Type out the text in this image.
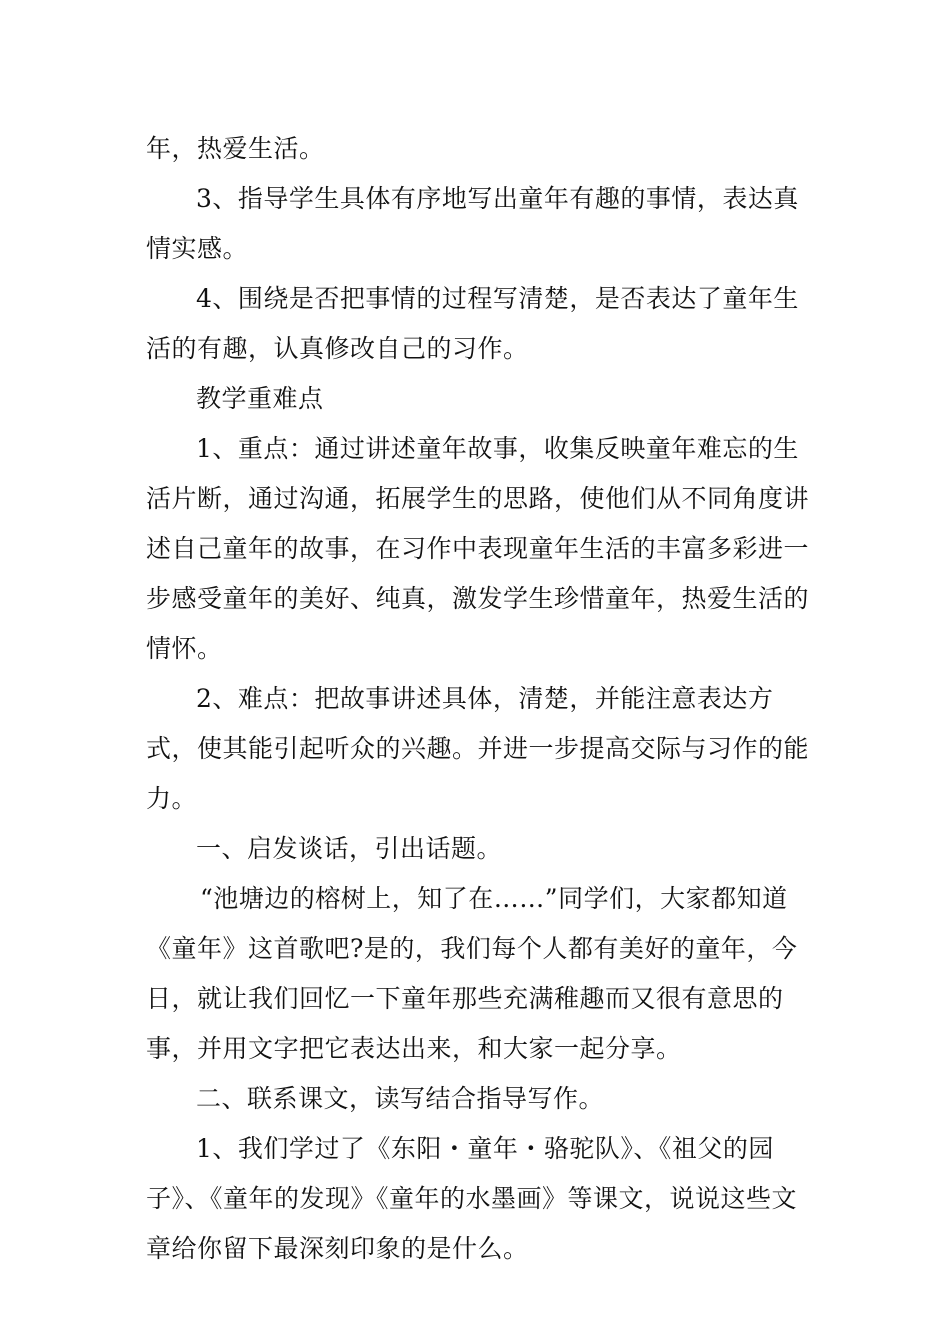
年，热爱生活。

3、指导学生具体有序地写出童年有趣的事情，表达真情实感。

4、围绕是否把事情的过程写清楚，是否表达了童年生活的有趣，认真修改自己的习作。

教学重难点

1、重点：通过讲述童年故事，收集反映童年难忘的生活片断，通过沟通，拓展学生的思路，使他们从不同角度讲述自己童年的故事，在习作中表现童年生活的丰富多彩进一步感受童年的美好、纯真，激发学生珍惜童年，热爱生活的情怀。

2、难点：把故事讲述具体，清楚，并能注意表达方式，使其能引起听众的兴趣。并进一步提高交际与习作的能力。

一、启发谈话，引出话题。

“池塘边的榕树上，知了在……”同学们，大家都知道《童年》这首歌吧?是的，我们每个人都有美好的童年，今日，就让我们回忆一下童年那些充满稚趣而又很有意思的事，并用文字把它表达出来，和大家一起分享。

二、联系课文，读写结合指导写作。

1、我们学过了《东阳・童年・骆驼队》、《祖父的园子》、《童年的发现》《童年的水墨画》等课文，说说这些文章给你留下最深刻印象的是什么。
